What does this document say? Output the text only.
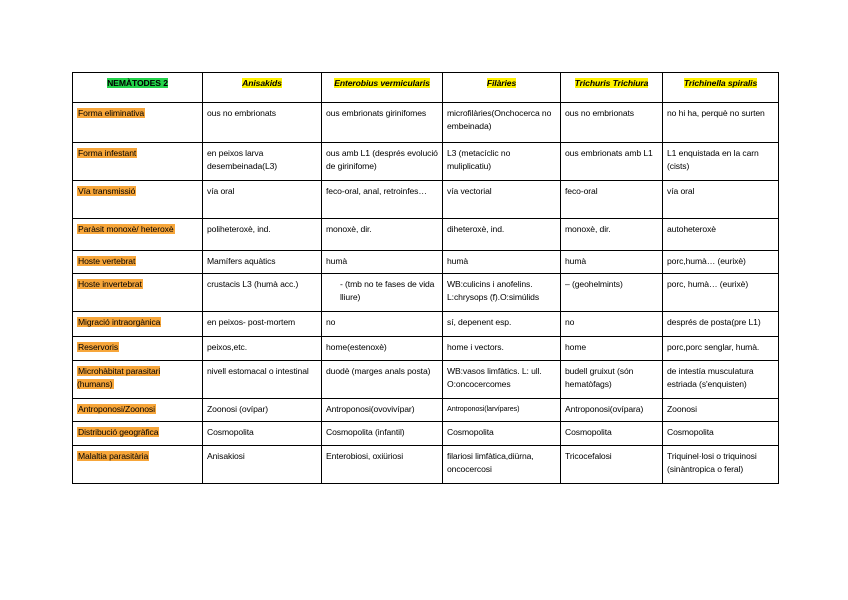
NEMÀTODES 2	Anisakids	Enterobius vermicularis	Filàries	Trichuris Trichiura	Trichinella spiralis
Forma eliminativa	ous no embrionats	ous embrionats girinifomes	microfilàries(Onchocerca no embeinada)	ous no embrionats	no hi ha, perquè no surten
Forma infestant	en peixos larva desembeinada(L3)	ous amb L1 (després evolució de girinifome)	L3 (metacíclic no muliplicatiu)	ous embrionats amb L1	L1 enquistada en la carn (cists)
Vía transmissió	vía oral	feco-oral, anal, retroinfes…	vía vectorial	feco-oral	vía oral
Paràsit monoxè/ heteroxè	poliheteroxè, ind.	monoxè, dir.	diheteroxè, ind.	monoxè, dir.	autoheteroxè
Hoste vertebrat	Mamífers aquàtics	humà	humà	humà	porc,humà… (eurixè)
Hoste invertebrat	crustacis L3 (humà acc.)	- (tmb no te fases de vida lliure)	WB:culicins i anofelins. L:chrysops (f).O:simúlids	– (geohelmints)	porc, humà… (eurixè)
Migració intraorgànica	en peixos- post-mortem	no	sí, depenent esp.	no	després de posta(pre L1)
Reservoris	peixos,etc.	home(estenoxè)	home i vectors.	home	porc,porc senglar, humà.
Microhàbitat parasitari (humans)	nivell estomacal o intestinal	duodè (marges anals posta)	WB:vasos limfàtics. L: ull. O:oncocercomes	budell gruixut (són hematòfags)	de intestía musculatura estriada (s'enquisten)
Antroponosi/Zoonosi	Zoonosi (ovípar)	Antroponosi(ovovivípar)	Antroponosi(larvípares)	Antroponosi(ovípara)	Zoonosi
Distribució geogràfica	Cosmopolita	Cosmopolita (infantil)	Cosmopolita	Cosmopolita	Cosmopolita
Malaltia parasitària	Anisakiosi	Enterobiosi, oxiüriosi	filariosi limfàtica,diürna, oncocercosi	Tricocefalosi	Triquinel·losi o triquinosi (sinàntropica o feral)
